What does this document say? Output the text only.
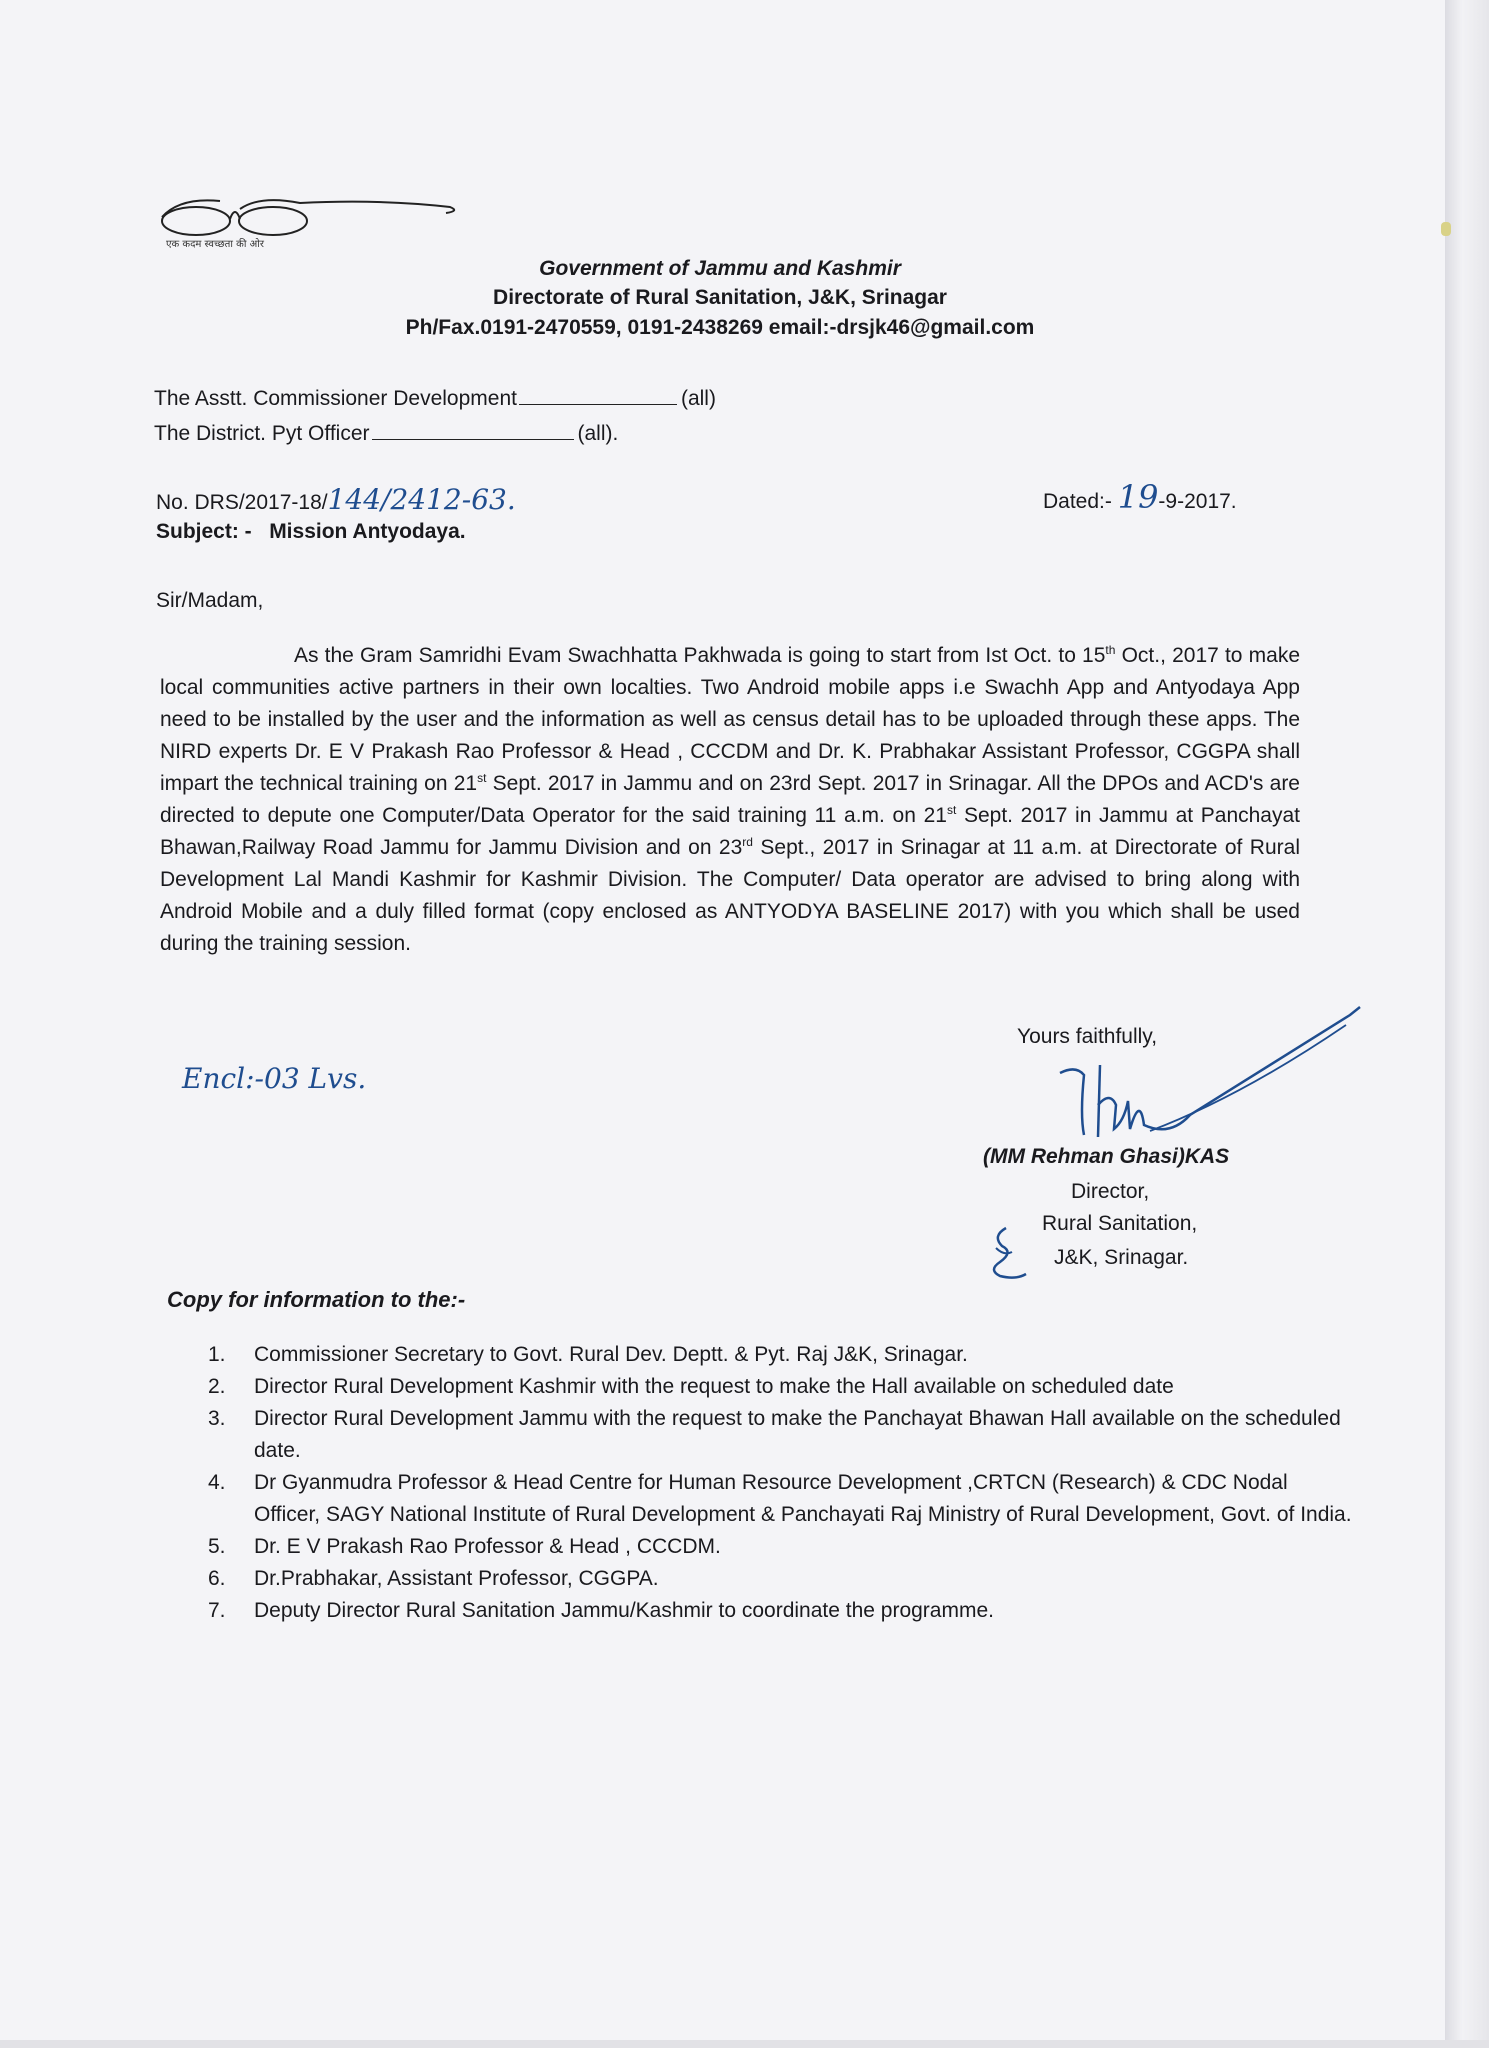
एक कदम स्वच्छता की ओर
Government of Jammu and Kashmir
Directorate of Rural Sanitation, J&K, Srinagar
Ph/Fax.0191-2470559, 0191-2438269 email:-drsjk46@gmail.com
The Asstt. Commissioner Development	(all)
The District. Pyt Officer	(all).
No. DRS/2017-18/144/2412-63.	Dated:- 19-9-2017.
Subject: - Mission Antyodaya.
Sir/Madam,
As the Gram Samridhi Evam Swachhatta Pakhwada is going to start from Ist Oct. to 15th Oct., 2017 to make local communities active partners in their own localties. Two Android mobile apps i.e Swachh App and Antyodaya App need to be installed by the user and the information as well as census detail has to be uploaded through these apps. The NIRD experts Dr. E V Prakash Rao Professor & Head , CCCDM and Dr. K. Prabhakar Assistant Professor, CGGPA shall impart the technical training on 21st Sept. 2017 in Jammu and on 23rd Sept. 2017 in Srinagar. All the DPOs and ACD's are directed to depute one Computer/Data Operator for the said training 11 a.m. on 21st Sept. 2017 in Jammu at Panchayat Bhawan,Railway Road Jammu for Jammu Division and on 23rd Sept., 2017 in Srinagar at 11 a.m. at Directorate of Rural Development Lal Mandi Kashmir for Kashmir Division. The Computer/ Data operator are advised to bring along with Android Mobile and a duly filled format (copy enclosed as ANTYODYA BASELINE 2017) with you which shall be used during the training session.
Yours faithfully,
Encl:-03 Lvs.
(MM Rehman Ghasi)KAS
Director,
Rural Sanitation,
J&K, Srinagar.
Copy for information to the:-
1. Commissioner Secretary to Govt. Rural Dev. Deptt. & Pyt. Raj J&K, Srinagar.
2. Director Rural Development Kashmir with the request to make the Hall available on scheduled date
3. Director Rural Development Jammu with the request to make the Panchayat Bhawan Hall available on the scheduled date.
4. Dr Gyanmudra Professor & Head Centre for Human Resource Development ,CRTCN (Research) & CDC Nodal Officer, SAGY National Institute of Rural Development & Panchayati Raj Ministry of Rural Development, Govt. of India.
5. Dr. E V Prakash Rao Professor & Head , CCCDM.
6. Dr.Prabhakar, Assistant Professor, CGGPA.
7. Deputy Director Rural Sanitation Jammu/Kashmir to coordinate the programme.
